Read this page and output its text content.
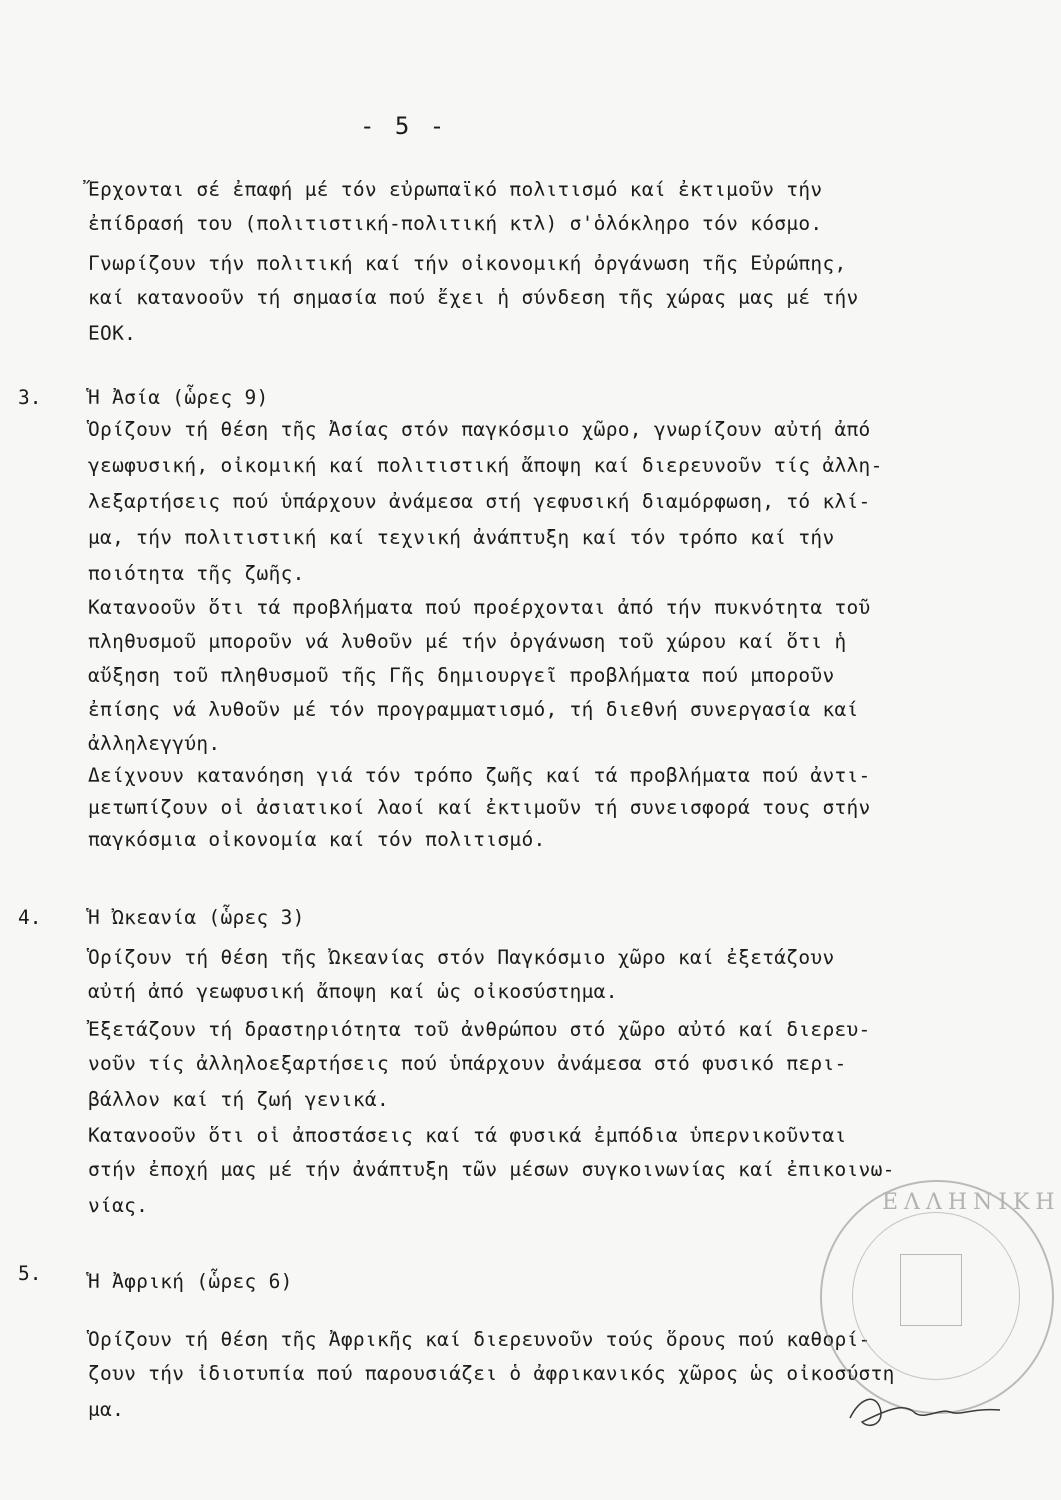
- 5 -
Ἔρχονται σέ ἐπαφή μέ τόν εὐρωπαϊκό πολιτισμό καί ἐκτιμοῦν τήν
ἐπίδρασή του (πολιτιστική-πολιτική κτλ) σ'ὁλόκληρο τόν κόσμο.
Γνωρίζουν τήν πολιτική καί τήν οἰκονομική ὀργάνωση τῆς Εὐρώπης,
καί κατανοοῦν τή σημασία πού ἔχει ἡ σύνδεση τῆς χώρας μας μέ τήν
ΕΟΚ.
3. Ἡ Ἀσία (ὧρες 9)
Ὁρίζουν τή θέση τῆς Ἀσίας στόν παγκόσμιο χῶρο, γνωρίζουν αὐτή ἀπό
γεωφυσική, οἰκομική καί πολιτιστική ἄποψη καί διερευνοῦν τίς ἀλλη-
λεξαρτήσεις πού ὑπάρχουν ἀνάμεσα στή γεφυσική διαμόρφωση, τό κλί-
μα, τήν πολιτιστική καί τεχνική ἀνάπτυξη καί τόν τρόπο καί τήν
ποιότητα τῆς ζωῆς.
Κατανοοῦν ὅτι τά προβλήματα πού προέρχονται ἀπό τήν πυκνότητα τοῦ
πληθυσμοῦ μποροῦν νά λυθοῦν μέ τήν ὀργάνωση τοῦ χώρου καί ὅτι ἡ
αὔξηση τοῦ πληθυσμοῦ τῆς Γῆς δημιουργεῖ προβλήματα πού μποροῦν
ἐπίσης νά λυθοῦν μέ τόν προγραμματισμό, τή διεθνή συνεργασία καί
ἀλληλεγγύη.
Δείχνουν κατανόηση γιά τόν τρόπο ζωῆς καί τά προβλήματα πού ἀντι-
μετωπίζουν οἱ ἀσιατικοί λαοί καί ἐκτιμοῦν τή συνεισφορά τους στήν
παγκόσμια οἰκονομία καί τόν πολιτισμό.
4. Ἡ Ὠκεανία (ὧρες 3)
Ὁρίζουν τή θέση τῆς Ὠκεανίας στόν Παγκόσμιο χῶρο καί ἐξετάζουν
αὐτή ἀπό γεωφυσική ἄποψη καί ὡς οἰκοσύστημα.
Ἐξετάζουν τή δραστηριότητα τοῦ ἀνθρώπου στό χῶρο αὐτό καί διερευ-
νοῦν τίς ἀλληλοεξαρτήσεις πού ὑπάρχουν ἀνάμεσα στό φυσικό περι-
βάλλον καί τή ζωή γενικά.
Κατανοοῦν ὅτι οἱ ἀποστάσεις καί τά φυσικά ἐμπόδια ὑπερνικοῦνται
στήν ἐποχή μας μέ τήν ἀνάπτυξη τῶν μέσων συγκοινωνίας καί ἐπικοινω-
νίας.
5. Ἡ Ἀφρική (ὧρες 6)
Ὁρίζουν τή θέση τῆς Ἀφρικῆς καί διερευνοῦν τούς ὅρους πού καθορί-
ζουν τήν ἰδιοτυπία πού παρουσιάζει ὁ ἀφρικανικός χῶρος ὡς οἰκοσύστη
μα.
ΕΛΛΗΝΙΚΗ
